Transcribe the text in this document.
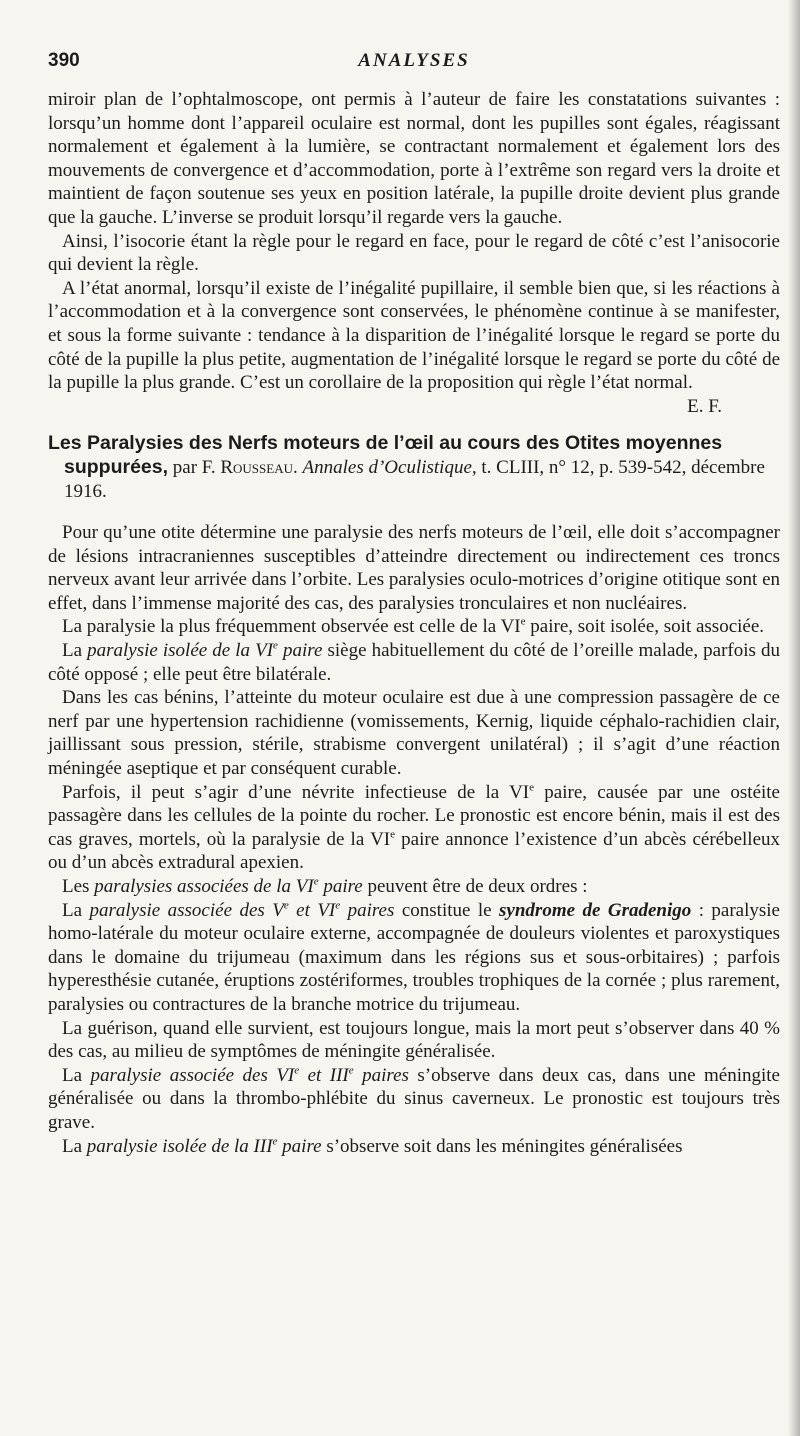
390	ANALYSES

miroir plan de l’ophtalmoscope, ont permis à l’auteur de faire les constatations suivantes : lorsqu’un homme dont l’appareil oculaire est normal, dont les pupilles sont égales, réagissant normalement et également à la lumière, se contractant normalement et également lors des mouvements de convergence et d’accommodation, porte à l’extrême son regard vers la droite et maintient de façon soutenue ses yeux en position latérale, la pupille droite devient plus grande que la gauche. L’inverse se produit lorsqu’il regarde vers la gauche.

Ainsi, l’isocorie étant la règle pour le regard en face, pour le regard de côté c’est l’anisocorie qui devient la règle.

A l’état anormal, lorsqu’il existe de l’inégalité pupillaire, il semble bien que, si les réactions à l’accommodation et à la convergence sont conservées, le phénomène continue à se manifester, et sous la forme suivante : tendance à la disparition de l’inégalité lorsque le regard se porte du côté de la pupille la plus petite, augmentation de l’inégalité lorsque le regard se porte du côté de la pupille la plus grande. C’est un corollaire de la proposition qui règle l’état normal.

E. F.

Les Paralysies des Nerfs moteurs de l’œil au cours des Otites moyennes suppurées, par F. Rousseau. Annales d’Oculistique, t. CLIII, n° 12, p. 539-542, décembre 1916.

Pour qu’une otite détermine une paralysie des nerfs moteurs de l’œil, elle doit s’accompagner de lésions intracraniennes susceptibles d’atteindre directement ou indirectement ces troncs nerveux avant leur arrivée dans l’orbite. Les paralysies oculo-motrices d’origine otitique sont en effet, dans l’immense majorité des cas, des paralysies tronculaires et non nucléaires.

La paralysie la plus fréquemment observée est celle de la VIe paire, soit isolée, soit associée.

La paralysie isolée de la VIe paire siège habituellement du côté de l’oreille malade, parfois du côté opposé ; elle peut être bilatérale.

Dans les cas bénins, l’atteinte du moteur oculaire est due à une compression passagère de ce nerf par une hypertension rachidienne (vomissements, Kernig, liquide céphalo-rachidien clair, jaillissant sous pression, stérile, strabisme convergent unilatéral) ; il s’agit d’une réaction méningée aseptique et par conséquent curable.

Parfois, il peut s’agir d’une névrite infectieuse de la VIe paire, causée par une ostéite passagère dans les cellules de la pointe du rocher. Le pronostic est encore bénin, mais il est des cas graves, mortels, où la paralysie de la VIe paire annonce l’existence d’un abcès cérébelleux ou d’un abcès extradural apexien.

Les paralysies associées de la VIe paire peuvent être de deux ordres :

La paralysie associée des Ve et VIe paires constitue le syndrome de Gradenigo : paralysie homo-latérale du moteur oculaire externe, accompagnée de douleurs violentes et paroxystiques dans le domaine du trijumeau (maximum dans les régions sus et sous-orbitaires) ; parfois hyperesthésie cutanée, éruptions zostériformes, troubles trophiques de la cornée ; plus rarement, paralysies ou contractures de la branche motrice du trijumeau.

La guérison, quand elle survient, est toujours longue, mais la mort peut s’observer dans 40 % des cas, au milieu de symptômes de méningite généralisée.

La paralysie associée des VIe et IIIe paires s’observe dans deux cas, dans une méningite généralisée ou dans la thrombo-phlébite du sinus caverneux. Le pronostic est toujours très grave.

La paralysie isolée de la IIIe paire s’observe soit dans les méningites généralisées
